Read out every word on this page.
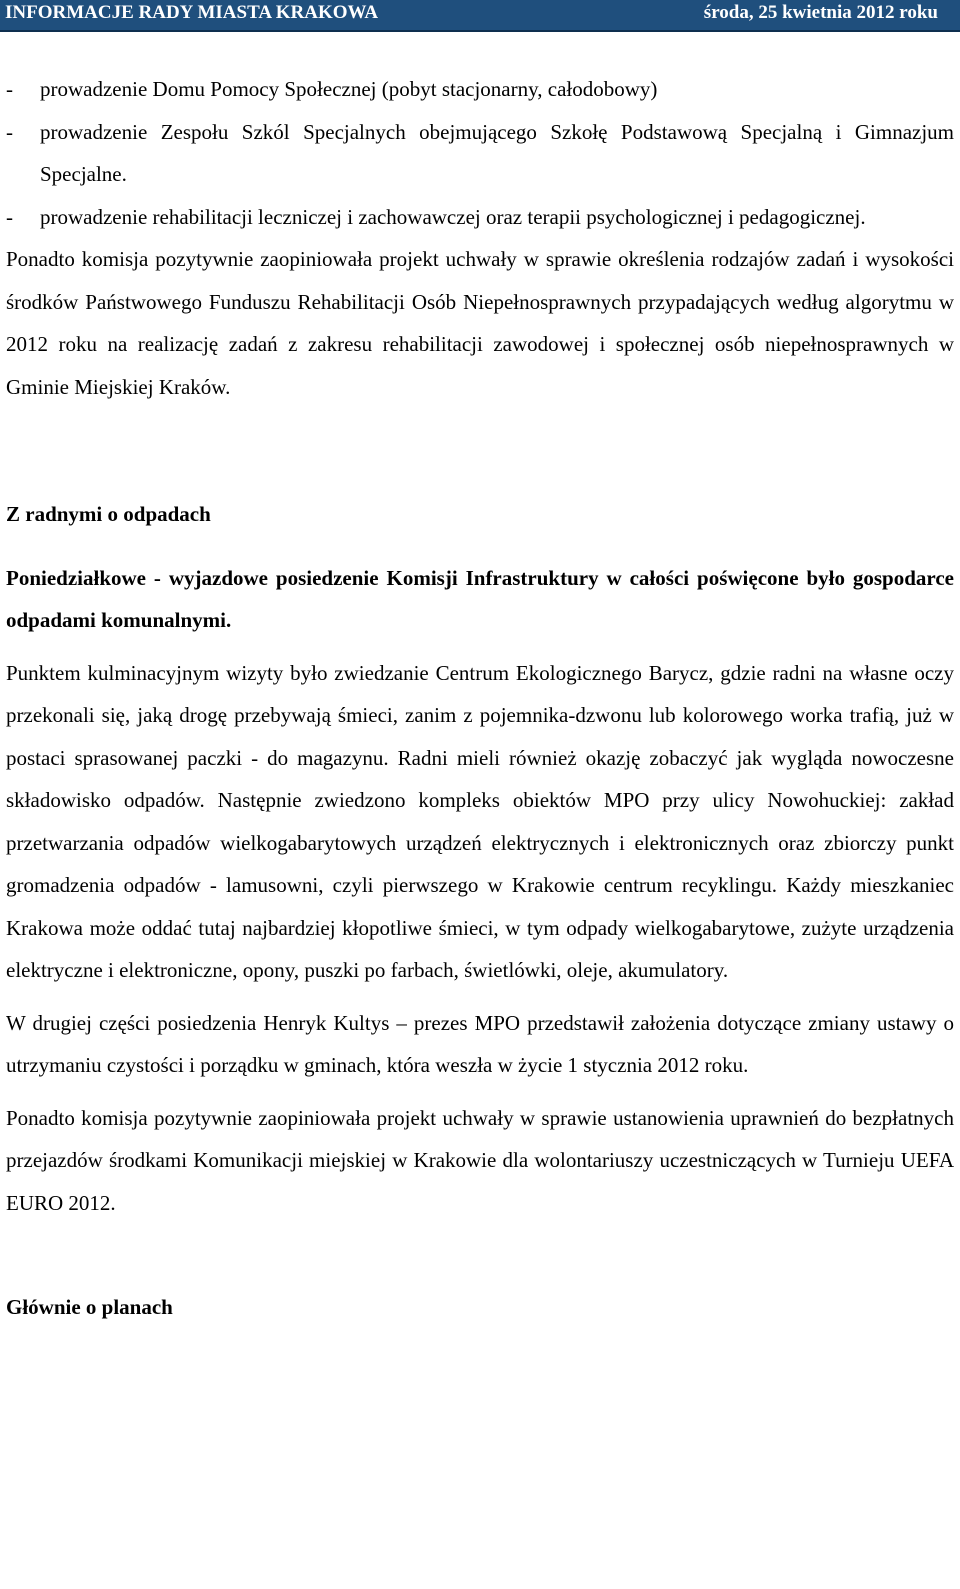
INFORMACJE RADY MIASTA KRAKOWA	środa, 25 kwietnia 2012 roku
- prowadzenie Domu Pomocy Społecznej (pobyt stacjonarny, całodobowy)
- prowadzenie Zespołu Szkól Specjalnych obejmującego Szkołę Podstawową Specjalną i Gimnazjum Specjalne.
- prowadzenie rehabilitacji leczniczej i zachowawczej oraz terapii psychologicznej i pedagogicznej.

Ponadto komisja pozytywnie zaopiniowała projekt uchwały w sprawie określenia rodzajów zadań i wysokości środków Państwowego Funduszu Rehabilitacji Osób Niepełnosprawnych przypadających według algorytmu w 2012 roku na realizację zadań z zakresu rehabilitacji zawodowej i społecznej osób niepełnosprawnych w Gminie Miejskiej Kraków.

Z radnymi o odpadach

Poniedziałkowe - wyjazdowe posiedzenie Komisji Infrastruktury w całości poświęcone było gospodarce odpadami komunalnymi.

Punktem kulminacyjnym wizyty było zwiedzanie Centrum Ekologicznego Barycz, gdzie radni na własne oczy przekonali się, jaką drogę przebywają śmieci, zanim z pojemnika-dzwonu lub kolorowego worka trafią, już w postaci sprasowanej paczki - do magazynu. Radni mieli również okazję zobaczyć jak wygląda nowoczesne składowisko odpadów. Następnie zwiedzono kompleks obiektów MPO przy ulicy Nowohuckiej: zakład przetwarzania odpadów wielkogabarytowych urządzeń elektrycznych i elektronicznych oraz zbiorczy punkt gromadzenia odpadów - lamusowni, czyli pierwszego w Krakowie centrum recyklingu. Każdy mieszkaniec Krakowa może oddać tutaj najbardziej kłopotliwe śmieci, w tym odpady wielkogabarytowe, zużyte urządzenia elektryczne i elektroniczne, opony, puszki po farbach, świetlówki, oleje, akumulatory.

W drugiej części posiedzenia Henryk Kultys – prezes MPO przedstawił założenia dotyczące zmiany ustawy o utrzymaniu czystości i porządku w gminach, która weszła w życie 1 stycznia 2012 roku.

Ponadto komisja pozytywnie zaopiniowała projekt uchwały w sprawie ustanowienia uprawnień do bezpłatnych przejazdów środkami Komunikacji miejskiej w Krakowie dla wolontariuszy uczestniczących w Turnieju UEFA EURO 2012.

Głównie o planach
